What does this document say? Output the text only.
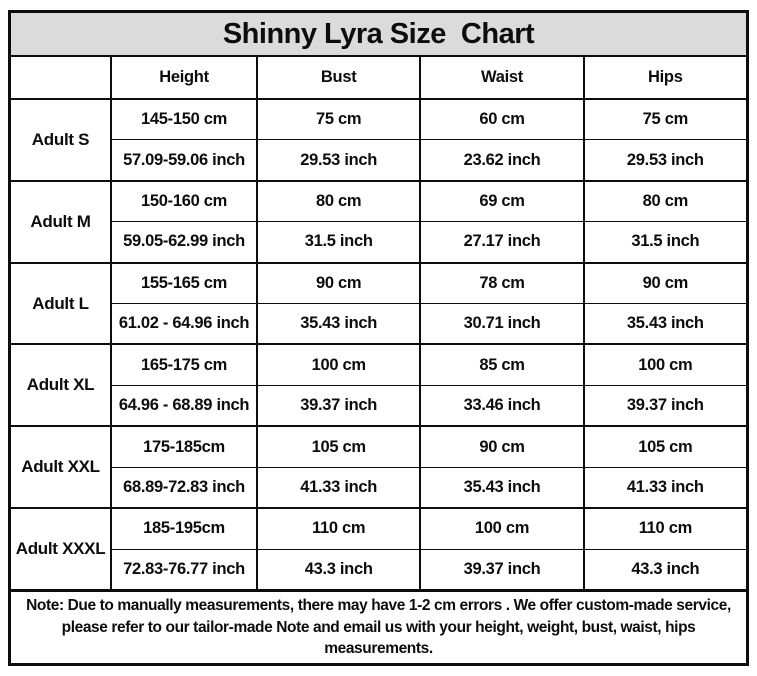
Shinny Lyra Size  Chart
Height	Bust	Waist	Hips
Adult S
145-150 cm	75 cm	60 cm	75 cm
57.09-59.06 inch	29.53 inch	23.62 inch	29.53 inch
Adult M
150-160 cm	80 cm	69 cm	80 cm
59.05-62.99 inch	31.5 inch	27.17 inch	31.5 inch
Adult L
155-165 cm	90 cm	78 cm	90 cm
61.02 - 64.96 inch	35.43 inch	30.71 inch	35.43 inch
Adult XL
165-175 cm	100 cm	85 cm	100 cm
64.96 - 68.89 inch	39.37 inch	33.46 inch	39.37 inch
Adult XXL
175-185cm	105 cm	90 cm	105 cm
68.89-72.83 inch	41.33 inch	35.43 inch	41.33 inch
Adult XXXL
185-195cm	110 cm	100 cm	110 cm
72.83-76.77 inch	43.3 inch	39.37 inch	43.3 inch
Note: Due to manually measurements, there may have 1-2 cm errors . We offer custom-made service, please refer to our tailor-made Note and email us with your height, weight, bust, waist, hips measurements.
